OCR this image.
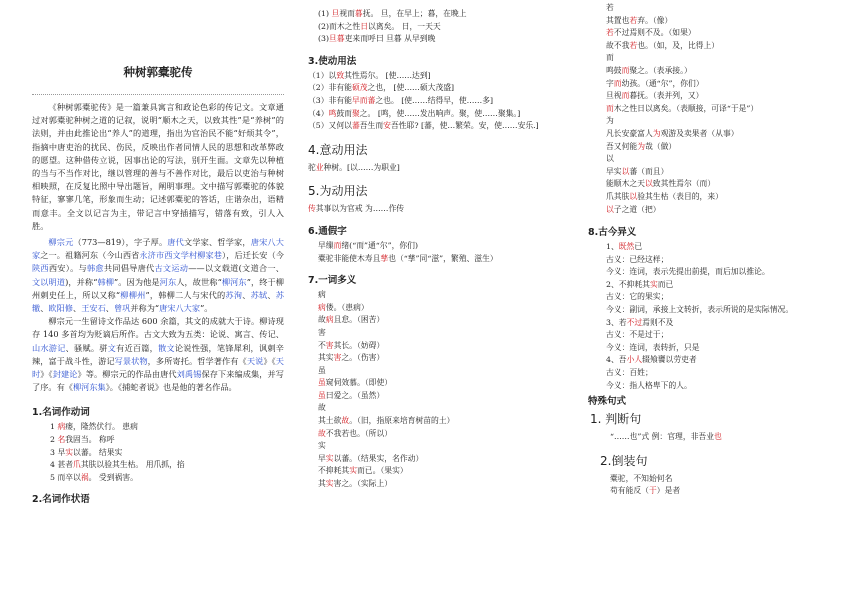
种树郭橐驼传
《种树郭橐驼传》是一篇兼具寓言和政论色彩的传记文。文章通过对郭橐驼种树之道的记叙，说明“顺木之天，以致其性”是“养树”的法则，并由此推论出“养人”的道理，指出为官治民不能“好烦其令”，指摘中唐吏治的扰民、伤民，反映出作者同情人民的思想和改革弊政的愿望。这种借传立说，因事出论的写法，别开生面。文章先以种植的当与不当作对比，继以管理的善与不善作对比，最后以吏治与种树相映照，在反复比照中导出题旨，阐明事理。文中描写郭橐驼的体貌特征，寥寥几笔，形象而生动；记述郭橐驼的答话，庄谐杂出，语精而意丰。全文以记言为主，带记言中穿插描写，错落有致，引人入胜。
柳宗元（773—819），字子厚。唐代文学家、哲学家，唐宋八大家之一。祖籍河东（今山西省永济市西文学村柳家巷），后迁长安（今陕西西安）。与韩愈共同倡导唐代古文运动——以文载道(文道合一、文以明道)，并称“韩柳”。因为他是河东人，故世称“柳河东”，终于柳州刺史任上，所以又称“柳柳州”，韩柳二人与宋代的苏洵、苏轼、苏辙、欧阳修、王安石、曾巩并称为“唐宋八大家”。
柳宗元一生留诗文作品达 600 余篇，其文的成就大于诗。柳诗现存 140 多首均为贬谪后所作。古文大致为五类：论说、寓言、传记、山水游记、骚赋。骈文有近百篇，散文论说性强，笔锋犀利，讽刺辛辣，富于战斗性，游记写景状物，多所寄托。哲学著作有《天说》《天时》《封建论》等。柳宗元的作品由唐代刘禹锡保存下来编成集，并写了序。有《柳河东集》。《捕蛇者说》也是他的著名作品。
1.名词作动词
1 病瘘，隆然伏行。 患病
2 名我固当。 称呼
3 早实以蕃。 结果实
4 甚者爪其肤以验其生枯。 用爪抓，掐
5 而卒以祸。 受到祸害。
2.名词作状语
(1) 旦视而暮抚。 旦，在早上；暮，在晚上
(2)而木之性日以离矣。 日，一天天
(3)旦暮吏来而呼曰 旦暮 从早到晚
3.使动用法
（1）以致其性焉尔。 [使……达到]
（2）非有能硕茂之也， [使……硕大茂盛]
（3）非有能早而蕃之也。 [使……结得早，使……多]
（4）鸣鼓而聚之。 [鸣，使……发出响声。聚，使……聚集。]
（5）又何以蕃吾生而安吾性耶? [蕃，使…繁荣。安，使……安乐.]
4.意动用法
驼业种树。[以……为职业]
5.为动用法
传其事以为官戒 为……作传
6.通假字
早缫而绪(“而”通“尔”，你们)
橐驼非能使木寿且孳也（“孳”同“滋”，繁殖、滋生）
7.一词多义
病
病偻。（患病）
故病且怠。（困苦）
害
不害其长。（妨碍）
其实害之。（伤害）
虽
虽窥伺效慕。（即使）
虽曰爱之。（虽然）
故
其土欲故。（旧，指原来培育树苗的土）
故不我若也。（所以）
实
早实以蕃。（结果实，名作动）
不抑耗其实而已。（果实）
其实害之。（实际上）
若
其置也若弃。（像）
若不过焉则不及。（如果）
故不我若也。（如，及，比得上）
而
鸣鼓而聚之。（表承接。）
字而幼孩。（通“尔”，你们）
旦视而暮抚。（表并列，又）
而木之性日以离矣。（表顺接，可译“于是”）
为
凡长安豪富人为观游及卖果者（从事）
吾又何能为哉（做）
以
早实以蕃（而且）
能顺木之天以致其性焉尔（而）
爪其肤以验其生枯（表目的，来）
以子之道（把）
8.古今异义
1、既然已
古义：已经这样；
今义：连词，表示先提出前提，而后加以推论。
2、不抑耗其实而已
古义：它的果实；
今义：副词，承接上文转折，表示所说的是实际情况。
3、若不过焉则不及
古义：不是过于；
今义：连词，表转折，只是
4、吾小人辍飧饔以劳吏者
古义：百姓；
今义：指人格卑下的人。
特殊句式
1. 判断句
“……也”式 例：官理，非吾业也
2.倒装句
橐驼，不知始何名
苟有能反（于）是者
